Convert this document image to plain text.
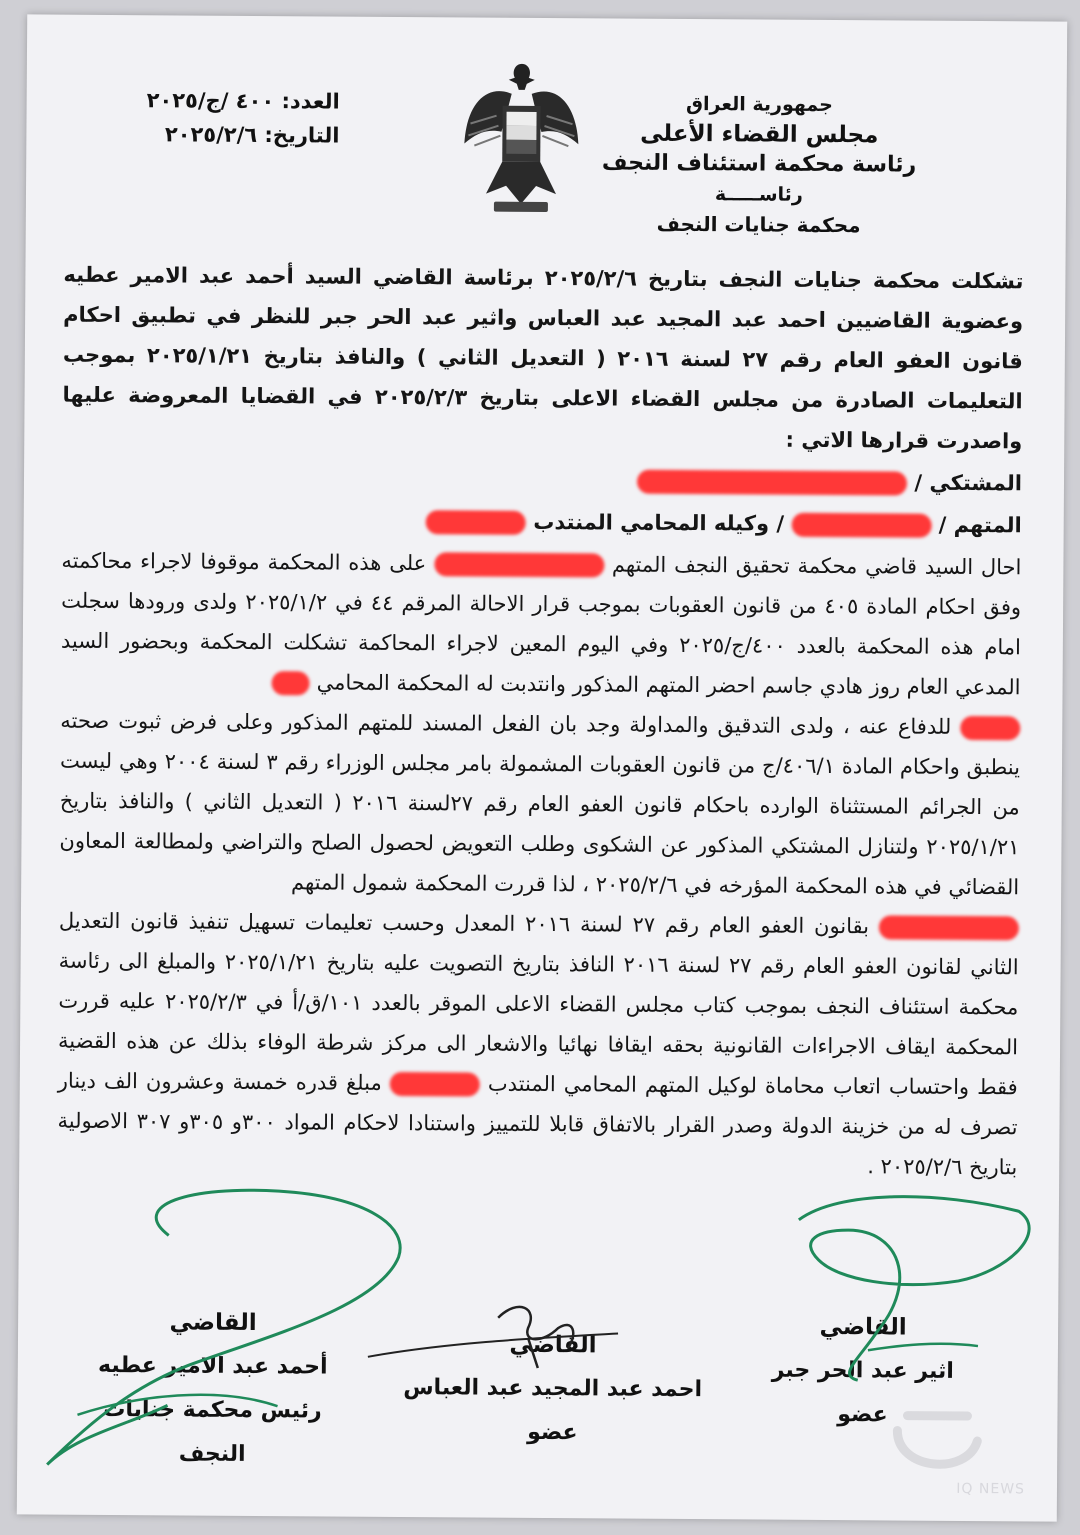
جمهورية العراق
مجلس القضاء الأعلى
رئاسة محكمة استئناف النجف
رئاســـــة
محكمة جنايات النجف
العدد: ٤٠٠ /ج/٢٠٢٥
التاريخ: ٢٠٢٥/٢/٦

تشكلت محكمة جنايات النجف بتاريخ ٢٠٢٥/٢/٦ برئاسة القاضي السيد أحمد عبد الامير عطيه وعضوية القاضيين احمد عبد المجيد عبد العباس واثير عبد الحر جبر للنظر في تطبيق احكام قانون العفو العام رقم ٢٧ لسنة ٢٠١٦ ( التعديل الثاني ) والنافذ بتاريخ ٢٠٢٥/١/٢١ بموجب التعليمات الصادرة من مجلس القضاء الاعلى بتاريخ ٢٠٢٥/٢/٣ في القضايا المعروضة عليها واصدرت قرارها الاتي :

المشتكي /

المتهم /  / وكيله المحامي المنتدب

احال السيد قاضي محكمة تحقيق النجف المتهم  على هذه المحكمة موقوفا لاجراء محاكمته وفق احكام المادة ٤٠٥ من قانون العقوبات بموجب قرار الاحالة المرقم ٤٤ في ٢٠٢٥/١/٢ ولدى ورودها سجلت امام هذه المحكمة بالعدد ٤٠٠/ج/٢٠٢٥ وفي اليوم المعين لاجراء المحاكمة تشكلت المحكمة وبحضور السيد المدعي العام روز هادي جاسم احضر المتهم المذكور وانتدبت له المحكمة المحامي

للدفاع عنه ، ولدى التدقيق والمداولة وجد بان الفعل المسند للمتهم المذكور وعلى فرض ثبوت صحته ينطبق واحكام المادة ٤٠٦/١/ج من قانون العقوبات المشمولة بامر مجلس الوزراء رقم ٣ لسنة ٢٠٠٤ وهي ليست من الجرائم المستثناة الوارده باحكام قانون العفو العام رقم ٢٧لسنة ٢٠١٦ ( التعديل الثاني ) والنافذ بتاريخ ٢٠٢٥/١/٢١ ولتنازل المشتكي المذكور عن الشكوى وطلب التعويض لحصول الصلح والتراضي ولمطالعة المعاون القضائي في هذه المحكمة المؤرخه في ٢٠٢٥/٢/٦ ، لذا قررت المحكمة شمول المتهم

بقانون العفو العام رقم ٢٧ لسنة ٢٠١٦ المعدل وحسب تعليمات تسهيل تنفيذ قانون التعديل الثاني لقانون العفو العام رقم ٢٧ لسنة ٢٠١٦ النافذ بتاريخ التصويت عليه بتاريخ ٢٠٢٥/١/٢١ والمبلغ الى رئاسة محكمة استئناف النجف بموجب كتاب مجلس القضاء الاعلى الموقر بالعدد ١٠١/ق/أ في ٢٠٢٥/٢/٣ عليه قررت المحكمة ايقاف الاجراءات القانونية بحقه ايقافا نهائيا والاشعار الى مركز شرطة الوفاء بذلك عن هذه القضية فقط واحتساب اتعاب محاماة لوكيل المتهم المحامي المنتدب  مبلغ قدره خمسة وعشرون الف دينار تصرف له من خزينة الدولة وصدر القرار بالاتفاق قابلا للتمييز واستنادا لاحكام المواد ٣٠٠و ٣٠٥و ٣٠٧ الاصولية بتاريخ ٢٠٢٥/٢/٦ .

القاضي
اثير عبد الحر جبر
عضو
القاضي
احمد عبد المجيد عبد العباس
عضو
القاضي
أحمد عبد الامير عطيه
رئيس محكمة جنايات النجف
IQ NEWS
